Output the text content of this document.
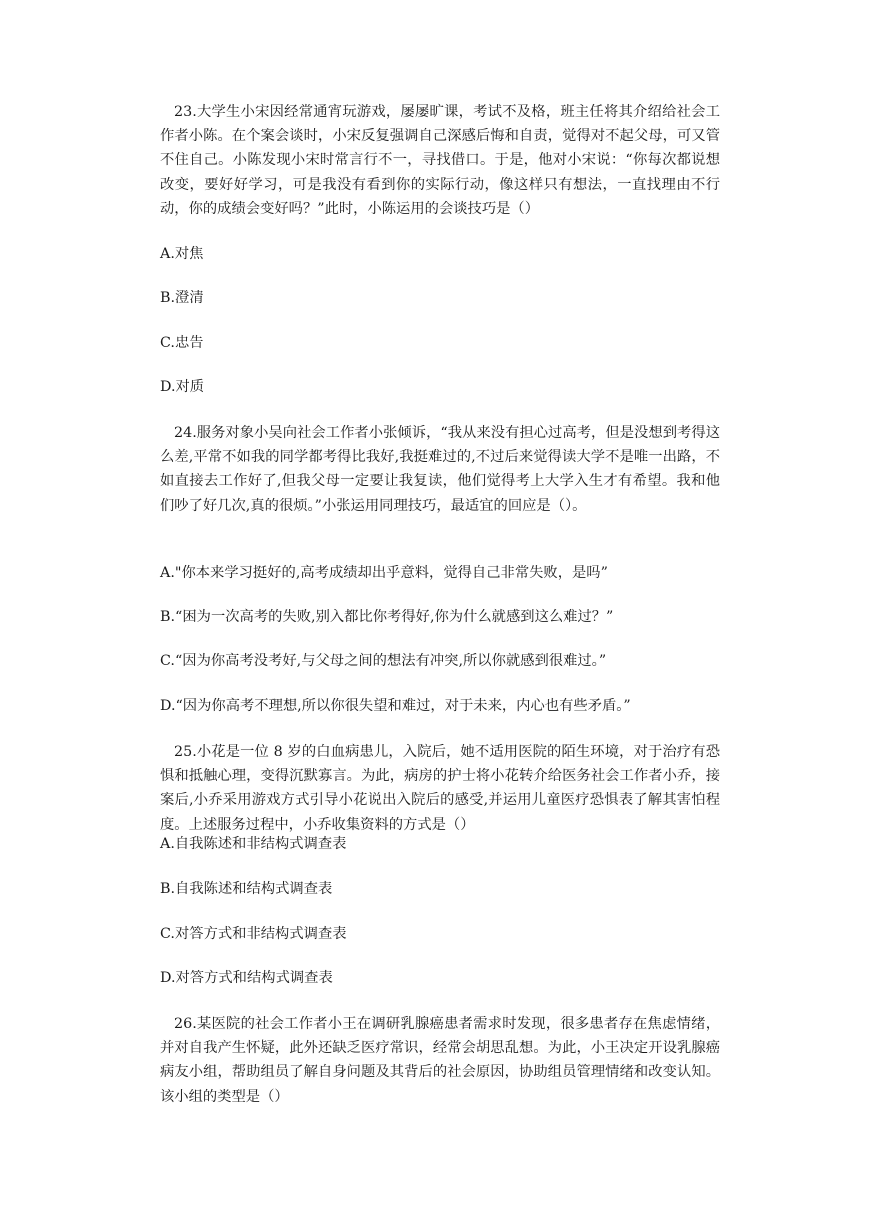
23.大学生小宋因经常通宵玩游戏，屡屡旷课，考试不及格，班主任将其介绍给社会工作者小陈。在个案会谈时，小宋反复强调自己深感后悔和自责，觉得对不起父母，可又管不住自己。小陈发现小宋时常言行不一，寻找借口。于是，他对小宋说：“你每次都说想改变，要好好学习，可是我没有看到你的实际行动，像这样只有想法，一直找理由不行动，你的成绩会变好吗？”此时，小陈运用的会谈技巧是（）

A.对焦
B.澄清
C.忠告
D.对质

24.服务对象小吴向社会工作者小张倾诉，“我从来没有担心过高考，但是没想到考得这么差,平常不如我的同学都考得比我好,我挺难过的,不过后来觉得读大学不是唯一出路，不如直接去工作好了,但我父母一定要让我复读，他们觉得考上大学入生才有希望。我和他们吵了好几次,真的很烦。”小张运用同理技巧，最适宜的回应是（）。

A."你本来学习挺好的,高考成绩却出乎意料，觉得自己非常失败，是吗”
B.“困为一次高考的失败,别入都比你考得好,你为什么就感到这么难过？”
C.“因为你高考没考好,与父母之间的想法有冲突,所以你就感到很难过。”
D.“因为你高考不理想,所以你很失望和难过，对于未来，内心也有些矛盾。”

25.小花是一位 8 岁的白血病患儿，入院后，她不适用医院的陌生环境，对于治疗有恐惧和抵触心理，变得沉默寡言。为此，病房的护士将小花转介给医务社会工作者小乔，接案后,小乔采用游戏方式引导小花说出入院后的感受,并运用儿童医疗恐惧表了解其害怕程度。上述服务过程中，小乔收集资料的方式是（）

A.自我陈述和非结构式调查表
B.自我陈述和结构式调查表
C.对答方式和非结构式调查表
D.对答方式和结构式调查表

26.某医院的社会工作者小王在调研乳腺癌患者需求时发现，很多患者存在焦虑情绪，并对自我产生怀疑，此外还缺乏医疗常识，经常会胡思乱想。为此，小王决定开设乳腺癌病友小组，帮助组员了解自身问题及其背后的社会原因，协助组员管理情绪和改变认知。该小组的类型是（）
